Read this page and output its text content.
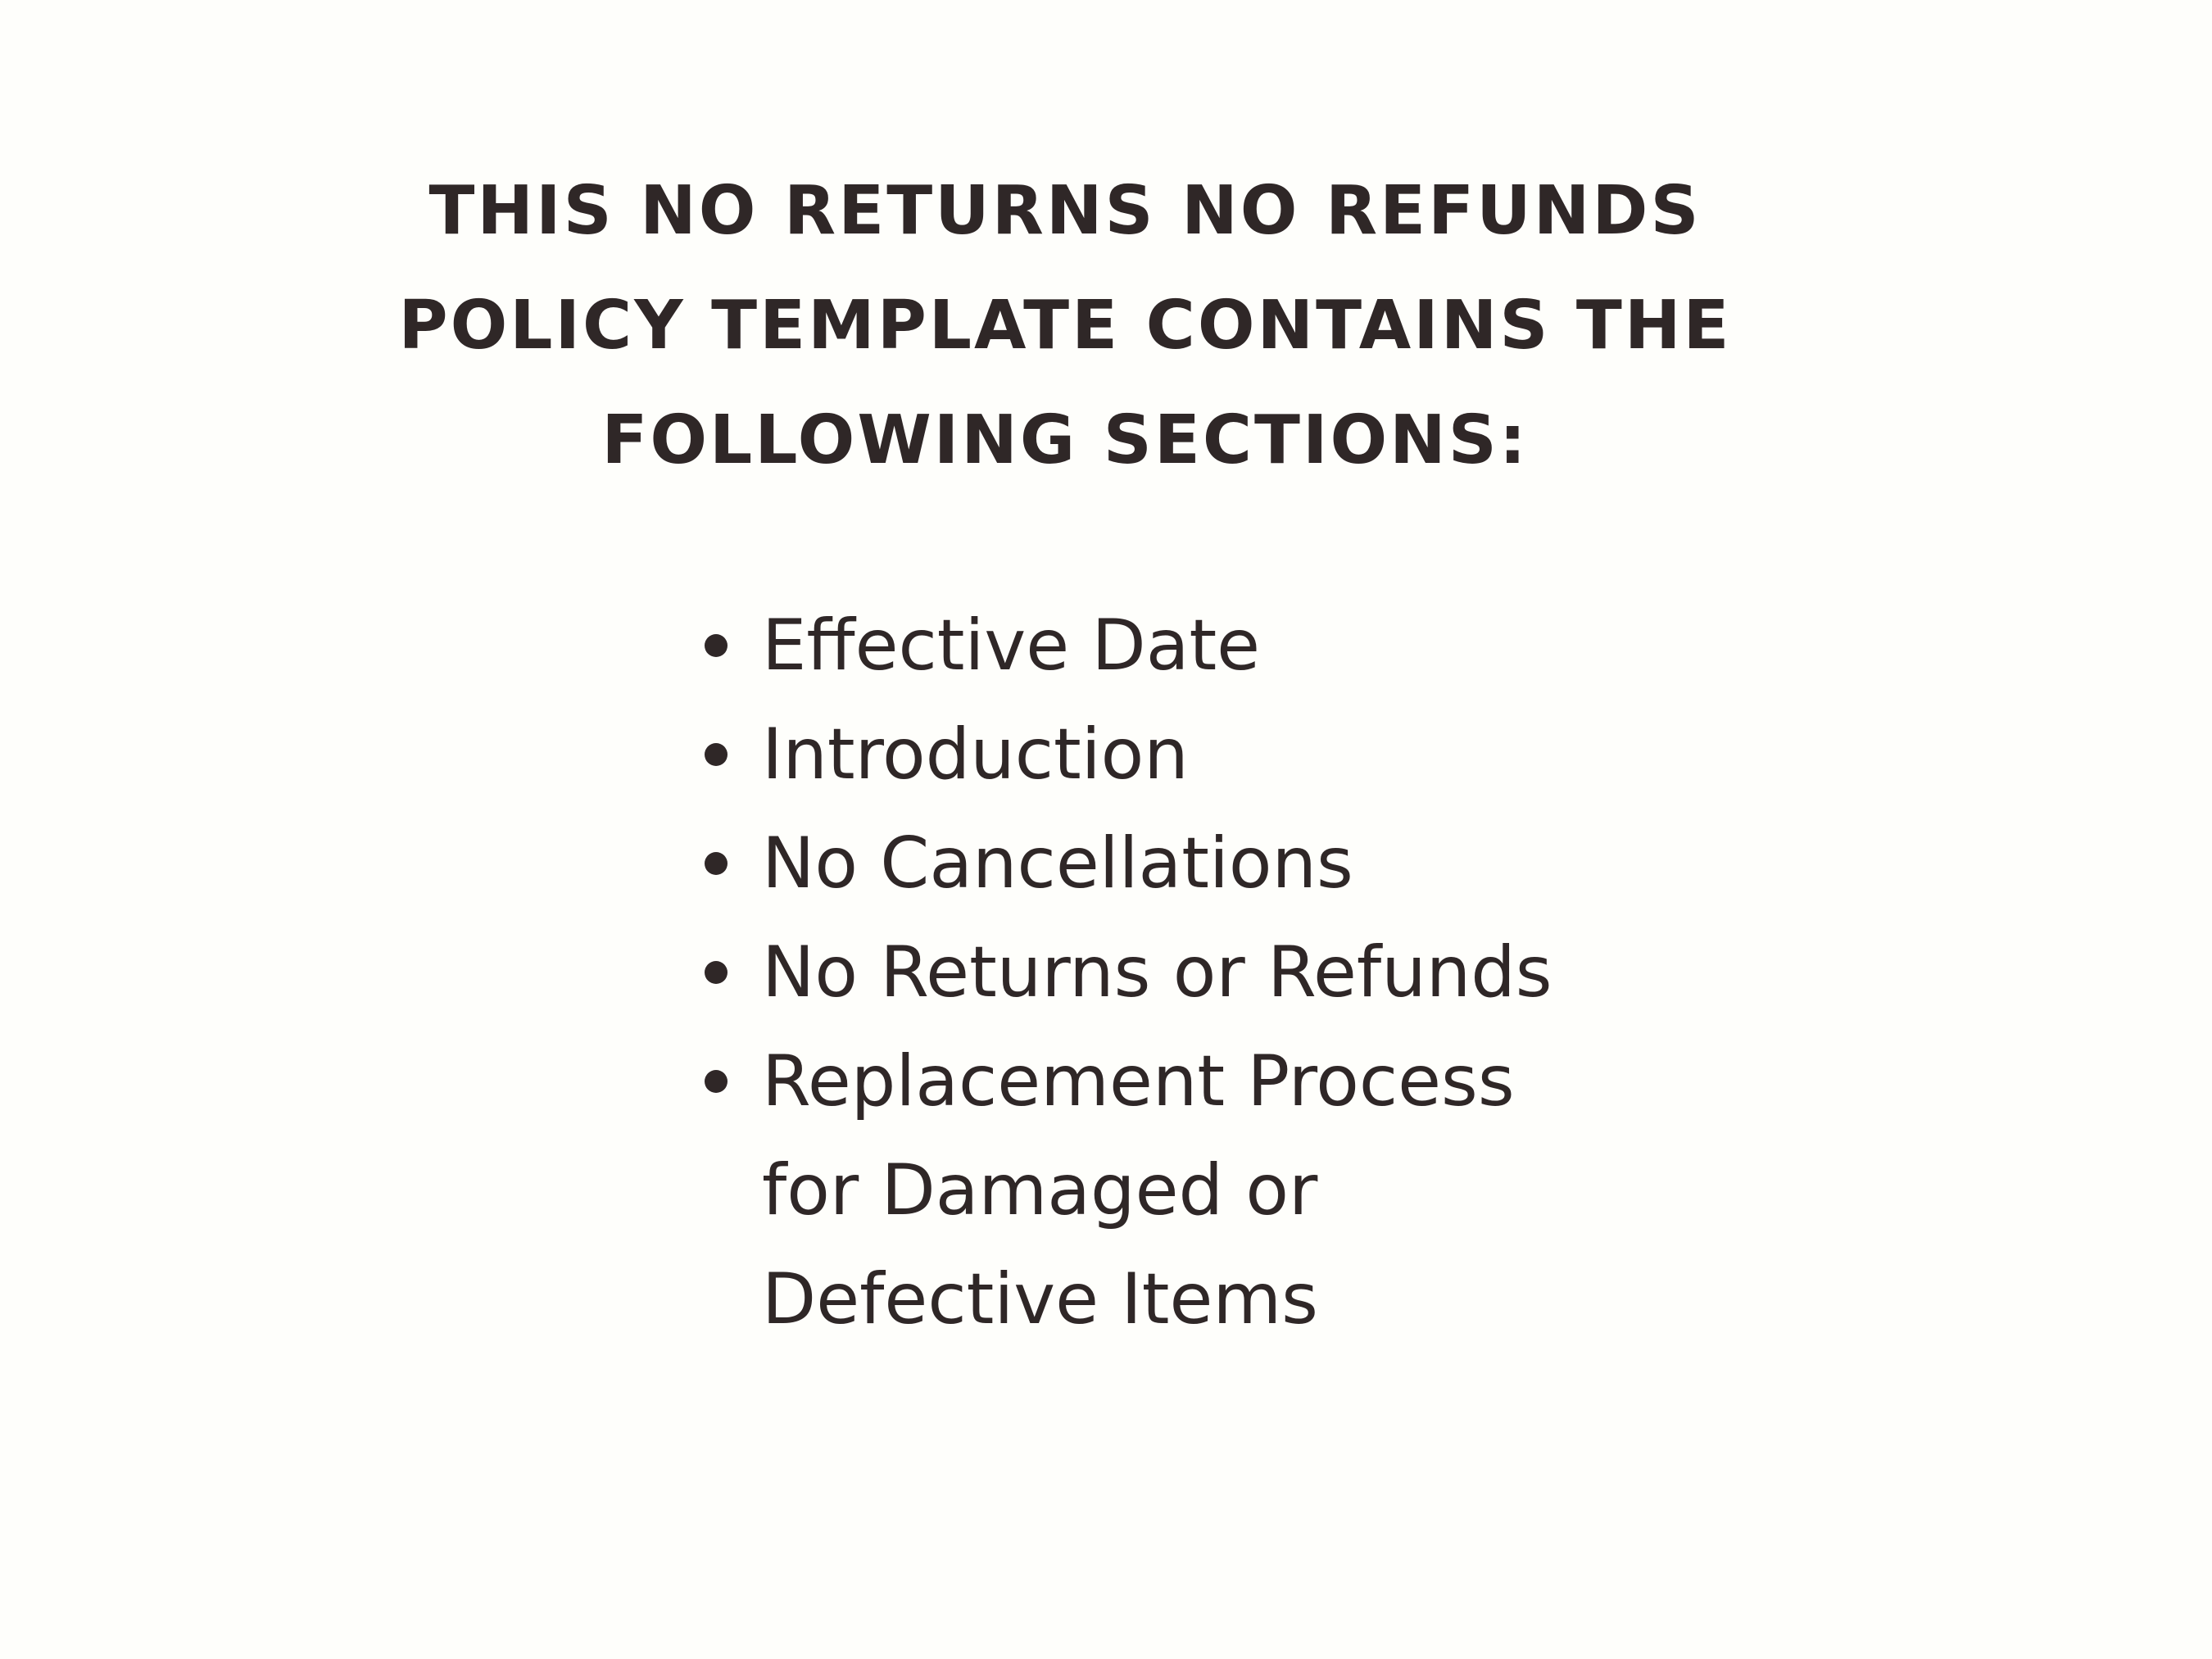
THIS NO RETURNS NO REFUNDS
POLICY TEMPLATE CONTAINS THE
FOLLOWING SECTIONS:
Effective Date
Introduction
No Cancellations
No Returns or Refunds
Replacement Process
for Damaged or
Defective Items
